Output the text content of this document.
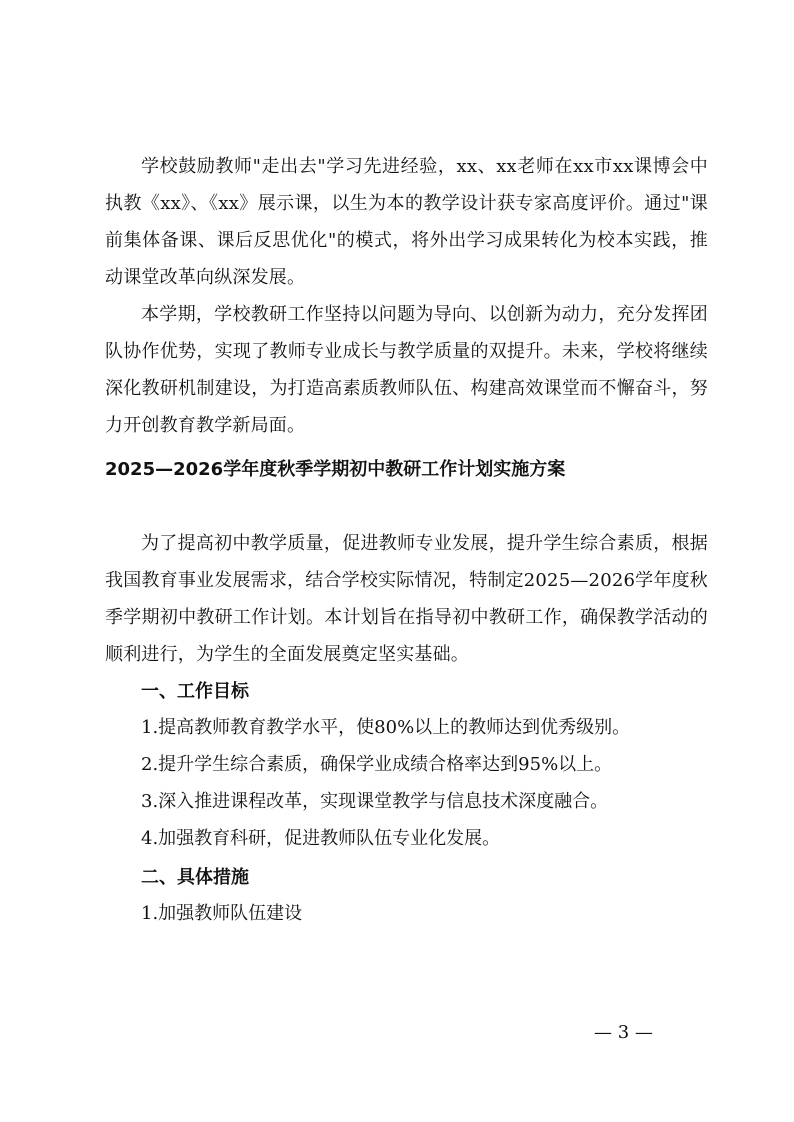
学校鼓励教师"走出去"学习先进经验，xx、xx老师在xx市xx课博会中执教《xx》、《xx》展示课，以生为本的教学设计获专家高度评价。通过"课前集体备课、课后反思优化"的模式，将外出学习成果转化为校本实践，推动课堂改革向纵深发展。

本学期，学校教研工作坚持以问题为导向、以创新为动力，充分发挥团队协作优势，实现了教师专业成长与教学质量的双提升。未来，学校将继续深化教研机制建设，为打造高素质教师队伍、构建高效课堂而不懈奋斗，努力开创教育教学新局面。

2025—2026学年度秋季学期初中教研工作计划实施方案

为了提高初中教学质量，促进教师专业发展，提升学生综合素质，根据我国教育事业发展需求，结合学校实际情况，特制定2025—2026学年度秋季学期初中教研工作计划。本计划旨在指导初中教研工作，确保教学活动的顺利进行，为学生的全面发展奠定坚实基础。

一、工作目标

1.提高教师教育教学水平，使80%以上的教师达到优秀级别。

2.提升学生综合素质，确保学业成绩合格率达到95%以上。

3.深入推进课程改革，实现课堂教学与信息技术深度融合。

4.加强教育科研，促进教师队伍专业化发展。

二、具体措施

1.加强教师队伍建设

— 3 —
